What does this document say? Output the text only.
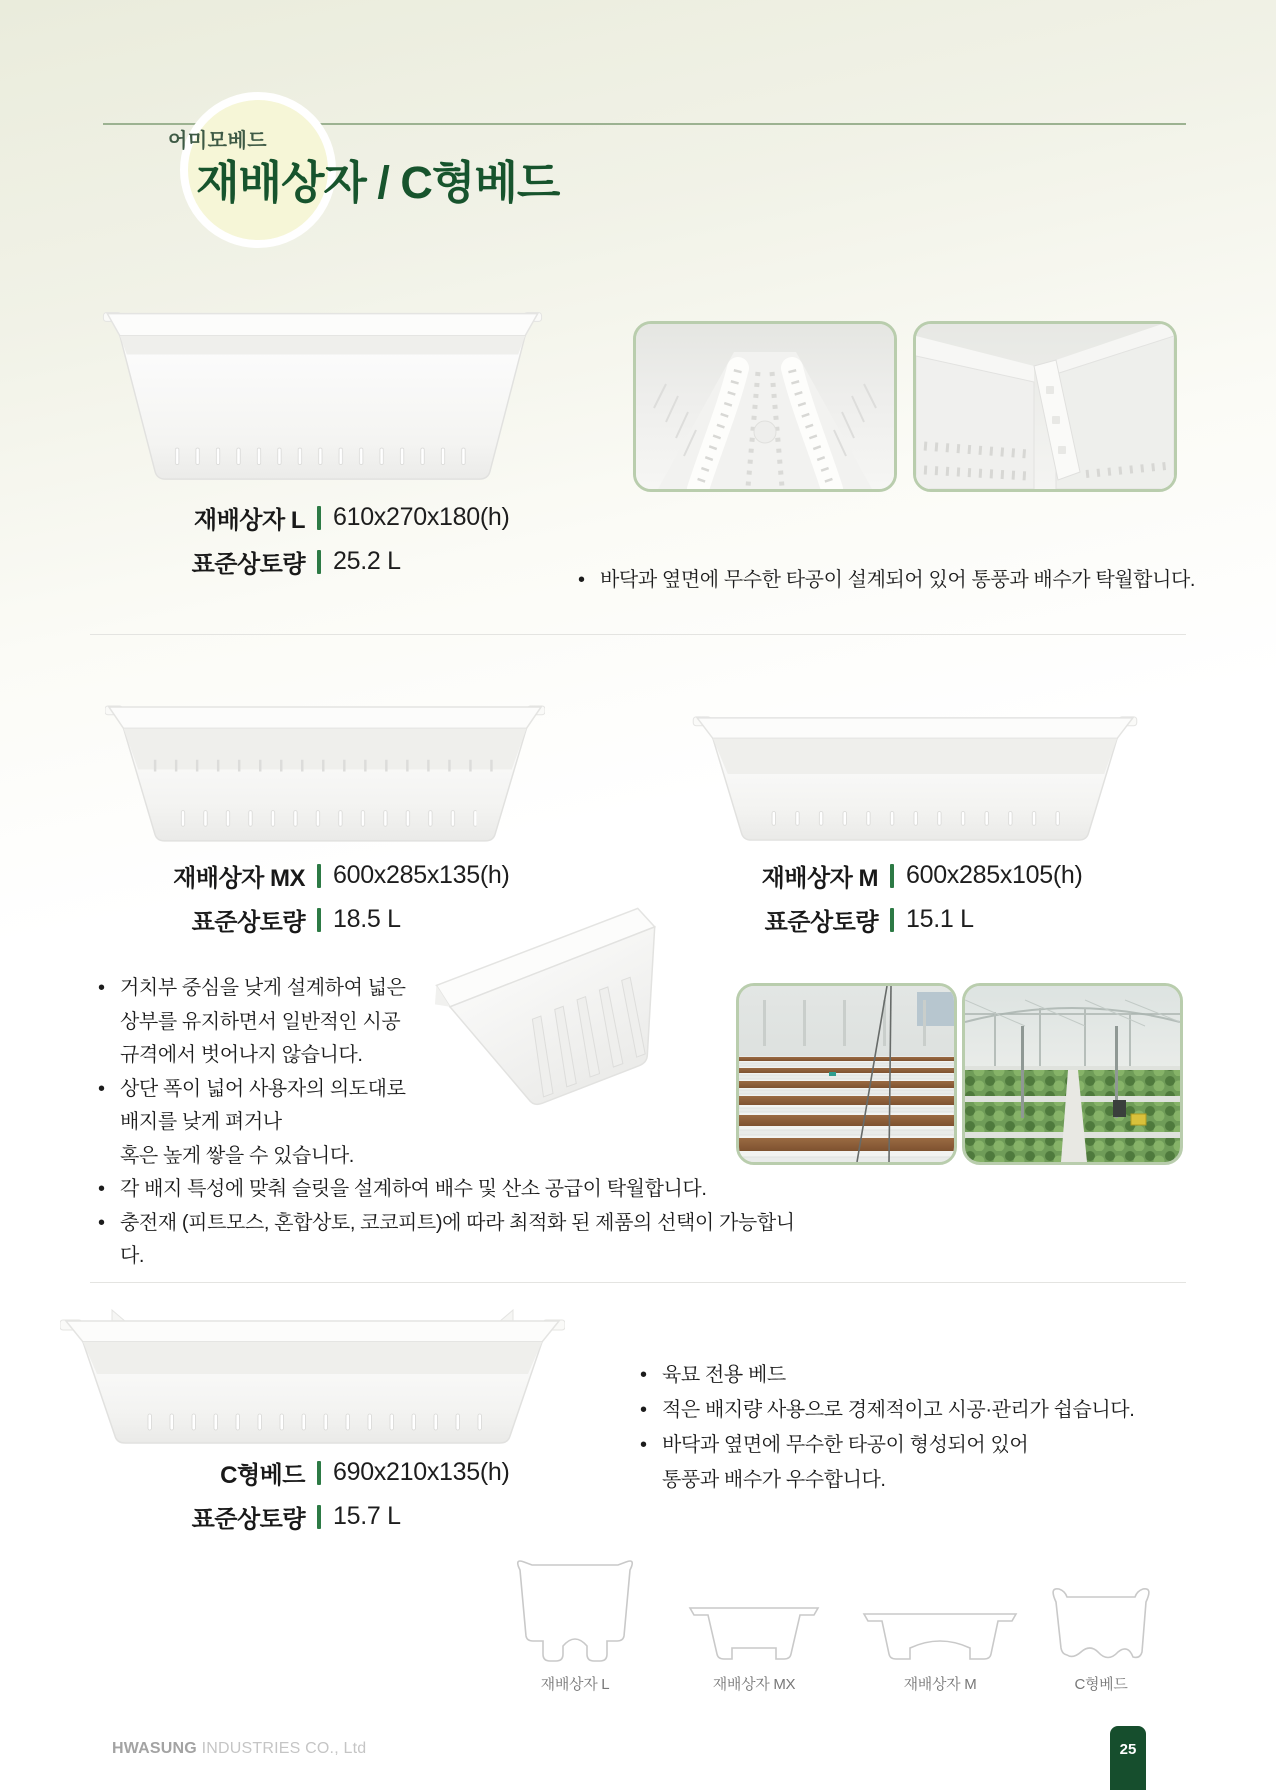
어미모베드
재배상자 / C형베드
재배상자 L 610x270x180(h)
표준상토량 25.2 L
• 바닥과 옆면에 무수한 타공이 설계되어 있어 통풍과 배수가 탁월합니다.
재배상자 MX 600x285x135(h)
표준상토량 18.5 L
재배상자 M 600x285x105(h)
표준상토량 15.1 L
• 거치부 중심을 낮게 설계하여 넓은
상부를 유지하면서 일반적인 시공
규격에서 벗어나지 않습니다.
• 상단 폭이 넓어 사용자의 의도대로
배지를 낮게 펴거나
혹은 높게 쌓을 수 있습니다.
• 각 배지 특성에 맞춰 슬릿을 설계하여 배수 및 산소 공급이 탁월합니다.
• 충전재 (피트모스, 혼합상토, 코코피트)에 따라 최적화 된 제품의 선택이 가능합니다.
C형베드 690x210x135(h)
표준상토량 15.7 L
• 육묘 전용 베드
• 적은 배지량 사용으로 경제적이고 시공·관리가 쉽습니다.
• 바닥과 옆면에 무수한 타공이 형성되어 있어
통풍과 배수가 우수합니다.
재배상자 L	재배상자 MX	재배상자 M	C형베드
HWASUNG INDUSTRIES CO., Ltd	25
